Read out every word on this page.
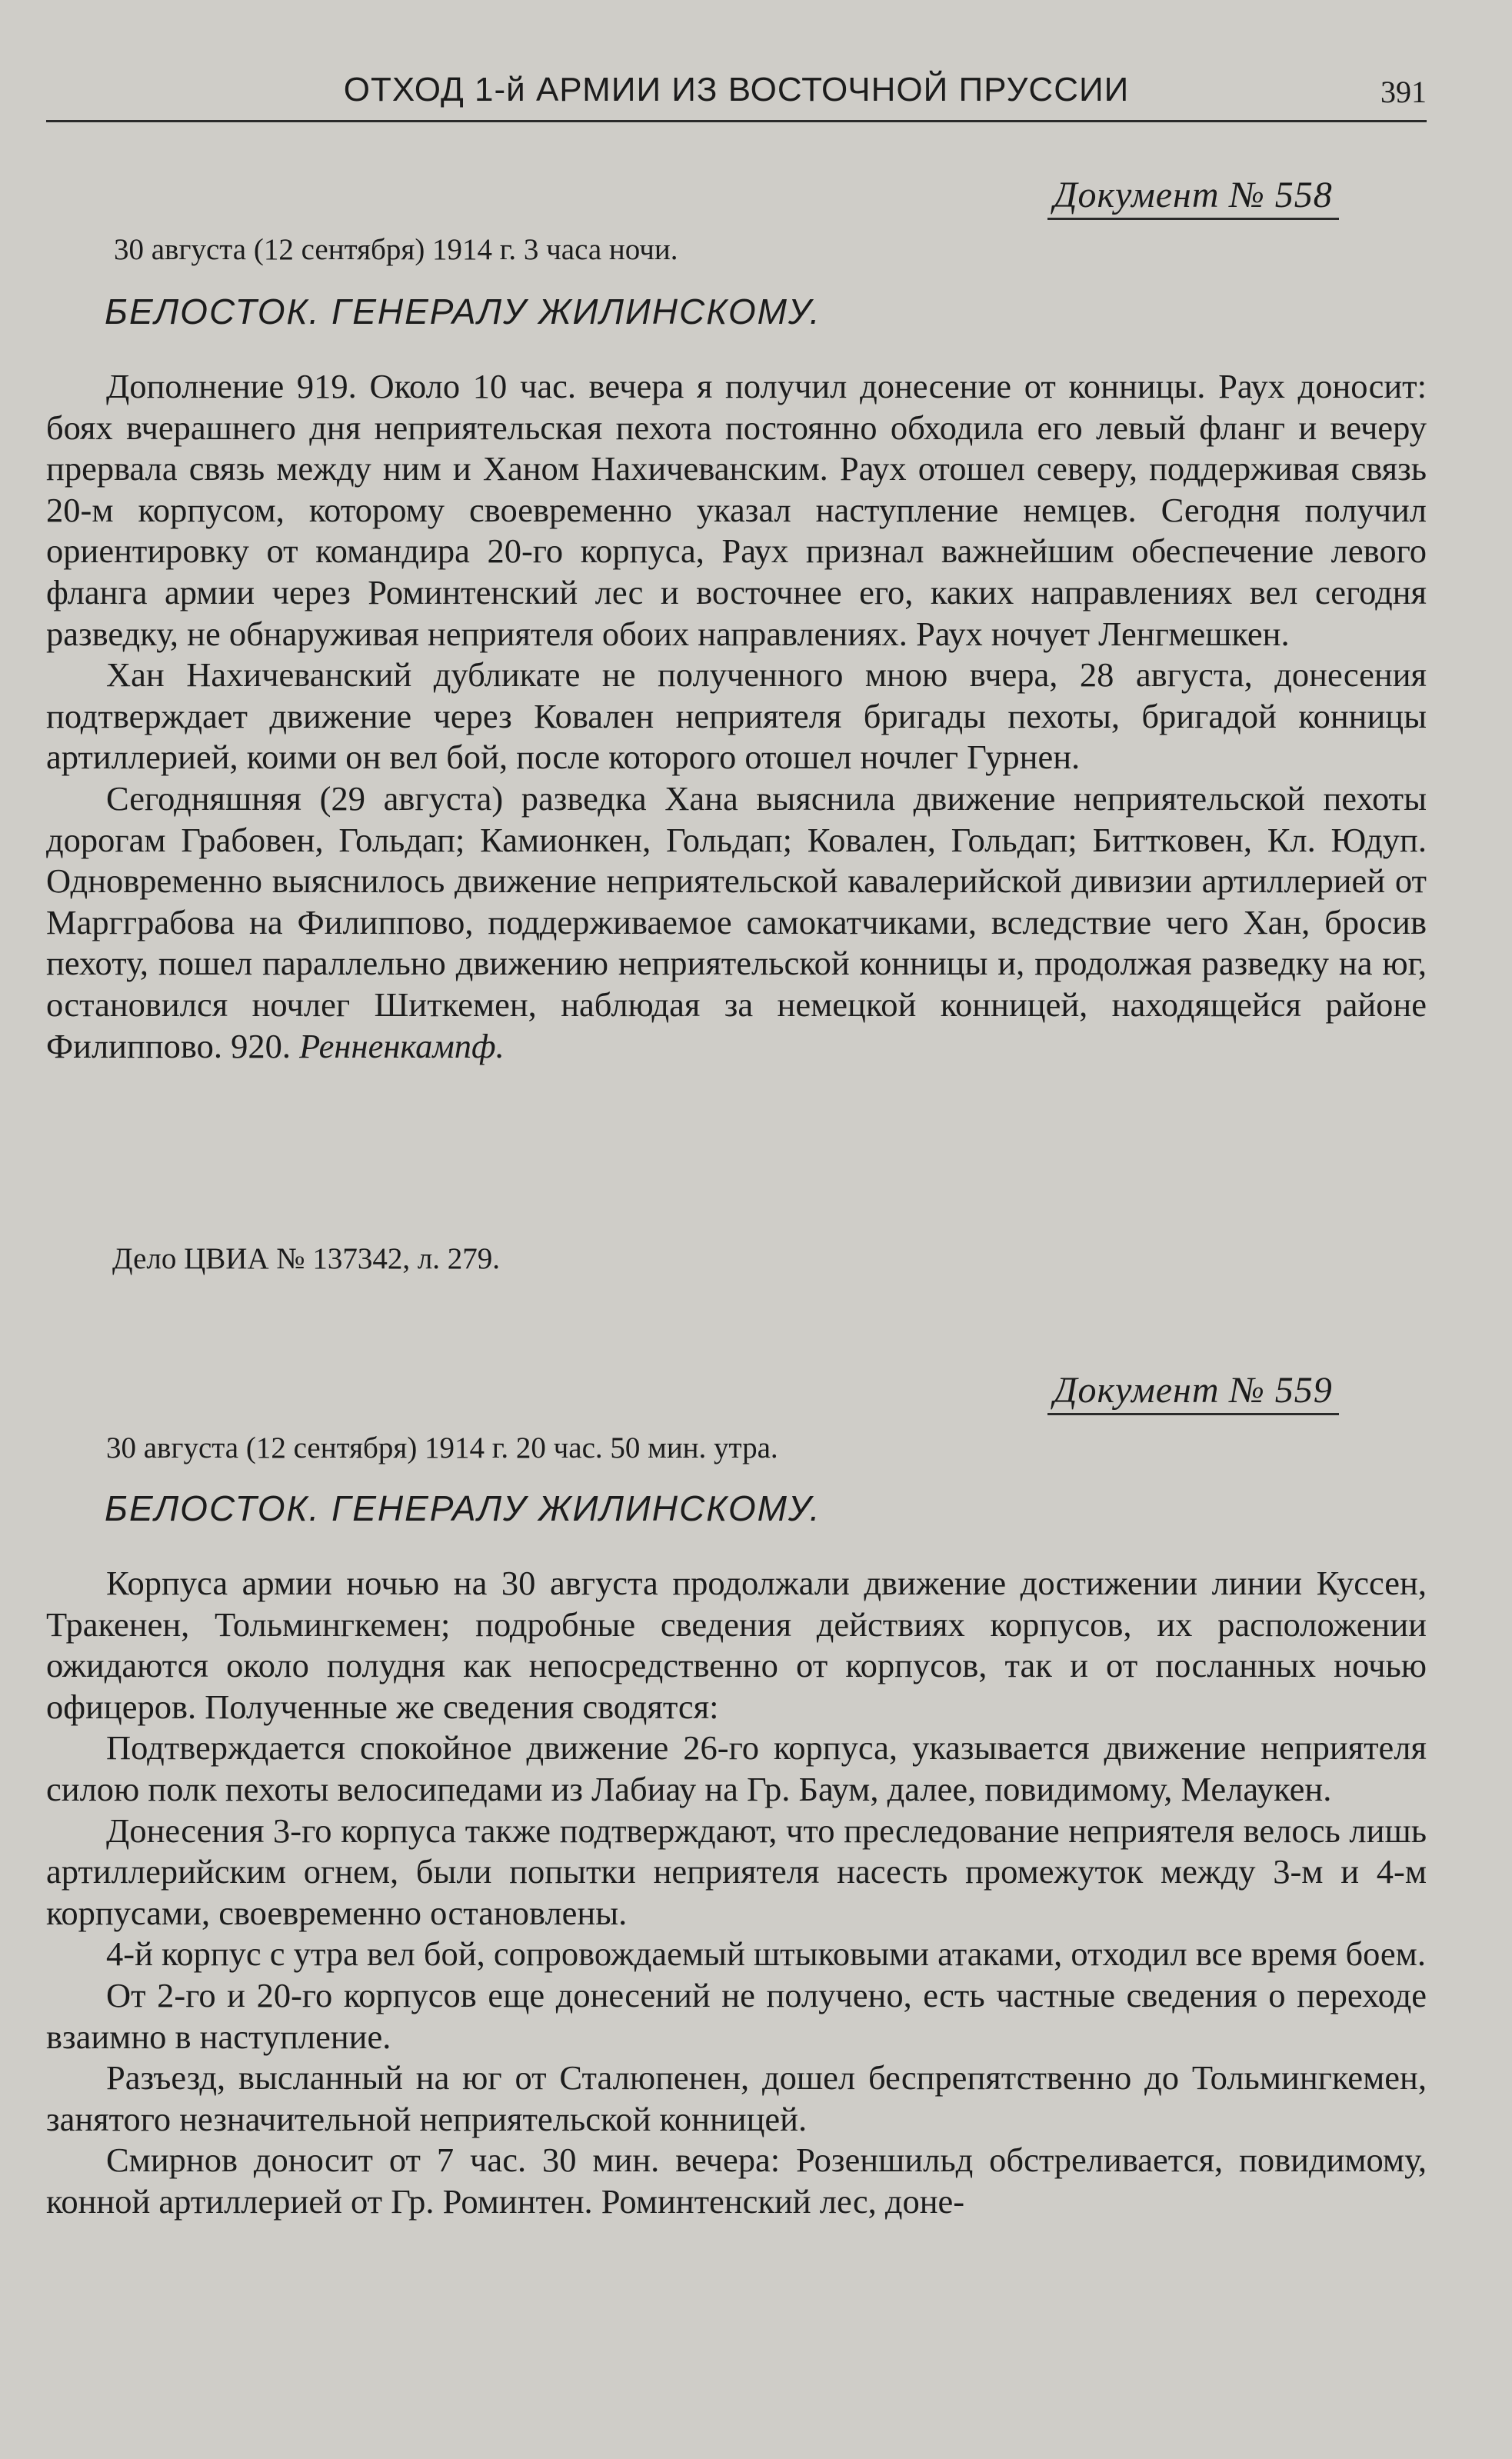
ОТХОД 1-й АРМИИ ИЗ ВОСТОЧНОЙ ПРУССИИ	391
Документ № 558
30 августа (12 сентября) 1914 г. 3 часа ночи.
БЕЛОСТОК. ГЕНЕРАЛУ ЖИЛИНСКОМУ.

Дополнение 919. Около 10 час. вечера я получил донесение от конницы. Раух доносит: боях вчерашнего дня неприятельская пехота постоянно обходила его левый фланг и вечеру прервала связь между ним и Ханом Нахичеванским. Раух отошел северу, поддерживая связь 20-м корпусом, которому своевременно указал наступление немцев. Сегодня получил ориентировку от командира 20-го корпуса, Раух признал важнейшим обеспечение левого фланга армии через Роминтенский лес и восточнее его, каких направлениях вел сегодня разведку, не обнаруживая неприятеля обоих направлениях. Раух ночует Ленгмешкен.

Хан Нахичеванский дубликате не полученного мною вчера, 28 августа, донесения подтверждает движение через Ковален неприятеля бригады пехоты, бригадой конницы артиллерией, коими он вел бой, после которого отошел ночлег Гурнен.

Сегодняшняя (29 августа) разведка Хана выяснила движение неприятельской пехоты дорогам Грабовен, Гольдап; Камионкен, Гольдап; Ковален, Гольдап; Битткoвен, Кл. Юдуп. Одновременно выяснилось движение неприятельской кавалерийской дивизии артиллерией от Маргграбова на Филиппово, поддерживаемое самокатчиками, вследствие чего Хан, бросив пехоту, пошел параллельно движению неприятельской конницы и, продолжая разведку на юг, остановился ночлег Шиткемен, наблюдая за немецкой конницей, находящейся районе Филиппово. 920. Ренненкампф.

Дело ЦВИА № 137342, л. 279.
Документ № 559
30 августа (12 сентября) 1914 г. 20 час. 50 мин. утра.
БЕЛОСТОК. ГЕНЕРАЛУ ЖИЛИНСКОМУ.

Корпуса армии ночью на 30 августа продолжали движение достижении линии Куссен, Тракенен, Тольмингкемен; подробные сведения действиях корпусов, их расположении ожидаются около полудня как непосредственно от корпусов, так и от посланных ночью офицеров. Полученные же сведения сводятся:

Подтверждается спокойное движение 26-го корпуса, указывается движение неприятеля силою полк пехоты велосипедами из Лабиау на Гр. Баум, далее, повидимому, Мелаукен.

Донесения 3-го корпуса также подтверждают, что преследование неприятеля велось лишь артиллерийским огнем, были попытки неприятеля насесть промежуток между 3-м и 4-м корпусами, своевременно остановлены.

4-й корпус с утра вел бой, сопровождаемый штыковыми атаками, отходил все время боем.

От 2-го и 20-го корпусов еще донесений не получено, есть частные сведения о переходе взаимно в наступление.

Разъезд, высланный на юг от Сталюпенен, дошел беспрепятственно до Тольмингкемен, занятого незначительной неприятельской конницей.

Смирнов доносит от 7 час. 30 мин. вечера: Розеншильд обстреливается, повидимому, конной артиллерией от Гр. Роминтен. Роминтенский лес, доне-
